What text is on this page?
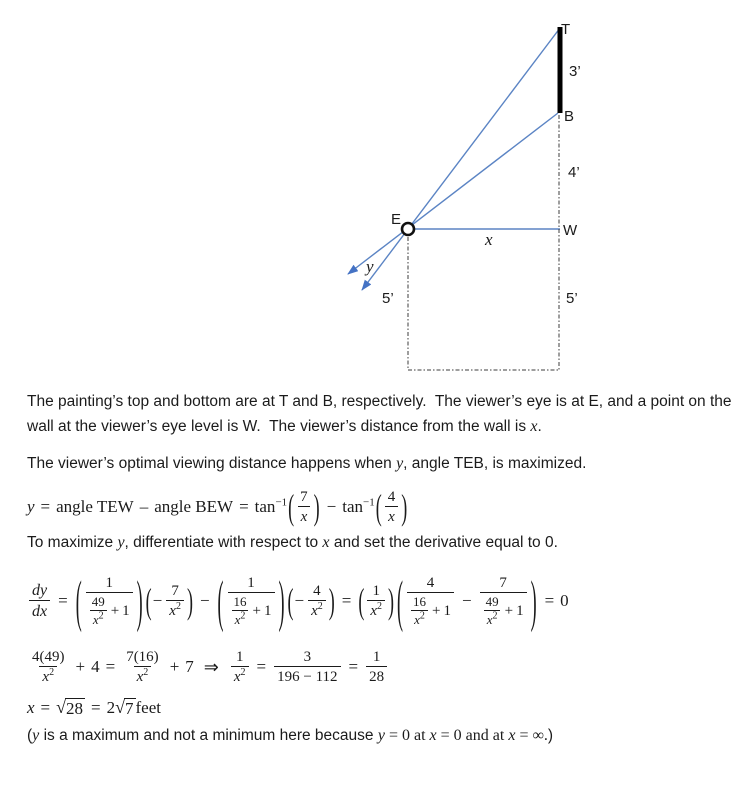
T
3’
B
4’
E
W
x
y
5’	5’

The painting’s top and bottom are at T and B, respectively.  The viewer’s eye is at E, and a point on the wall at the viewer’s eye level is W.  The viewer’s distance from the wall is x.

The viewer’s optimal viewing distance happens when y, angle TEB, is maximized.

y = angle TEW – angle BEW = $\tan^{-1}$ ( $\frac{7}{x}$ ) − $\tan^{-1}$ ( $\frac{4}{x}$ )

To maximize y, differentiate with respect to x and set the derivative equal to 0.

$\frac{dy}{dx}$ = ( $\frac{1}{\frac{49}{x^2} + 1}$ ) ( − $\frac{7}{x^2}$ ) − ( $\frac{1}{\frac{16}{x^2} + 1}$ ) ( − $\frac{4}{x^2}$ ) = ( $\frac{1}{x^2}$ ) ( $\frac{4}{\frac{16}{x^2} + 1} - \frac{7}{\frac{49}{x^2} + 1}$ ) = 0
$\frac{4(49)}{x^2} + 4 = \frac{7(16)}{x^2} + 7$ ⇒ $\frac{1}{x^2} = \frac{3}{196 - 112} = \frac{1}{28}$
x = √ 28 = 2 √ 7 feet

(y is a maximum and not a minimum here because y = 0 at x = 0 and at x = ∞.)
